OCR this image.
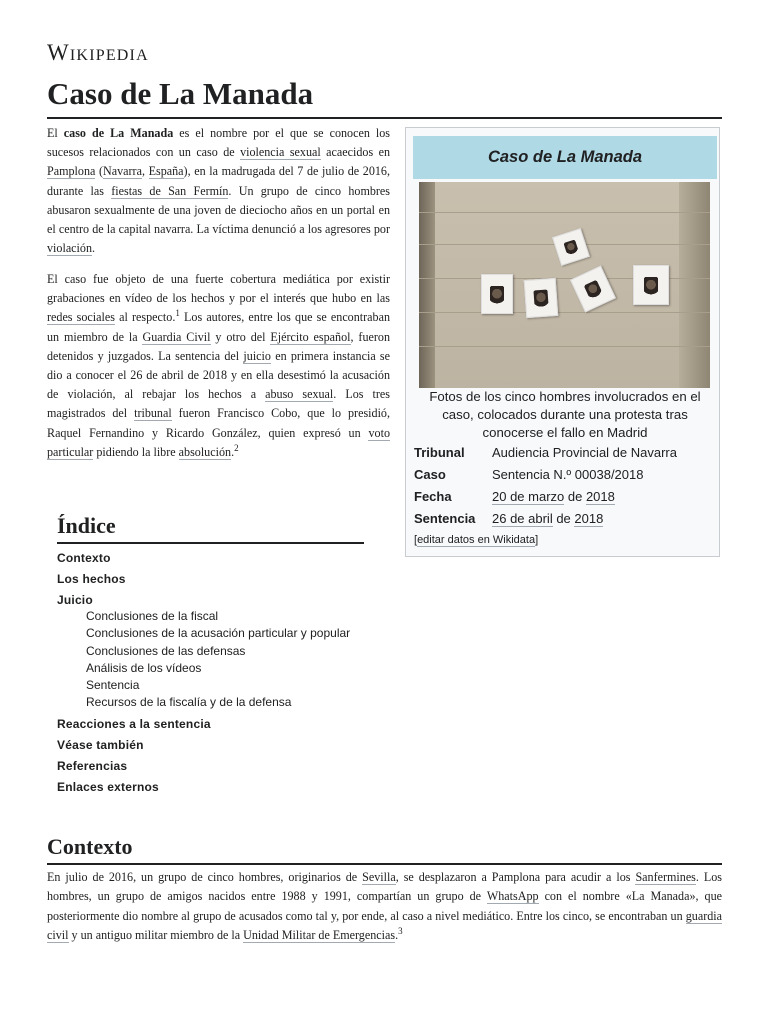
Wikipedia
Caso de La Manada

El caso de La Manada es el nombre por el que se conocen los sucesos relacionados con un caso de violencia sexual acaecidos en Pamplona (Navarra, España), en la madrugada del 7 de julio de 2016, durante las fiestas de San Fermín. Un grupo de cinco hombres abusaron sexualmente de una joven de dieciocho años en un portal en el centro de la capital navarra. La víctima denunció a los agresores por violación.

El caso fue objeto de una fuerte cobertura mediática por existir grabaciones en vídeo de los hechos y por el interés que hubo en las redes sociales al respecto.$^1$ Los autores, entre los que se encontraban un miembro de la Guardia Civil y otro del Ejército español, fueron detenidos y juzgados. La sentencia del juicio en primera instancia se dio a conocer el 26 de abril de 2018 y en ella desestimó la acusación de violación, al rebajar los hechos a abuso sexual. Los tres magistrados del tribunal fueron Francisco Cobo, que lo presidió, Raquel Fernandino y Ricardo González, quien expresó un voto particular pidiendo la libre absolución.$^2$

Caso de La Manada
Fotos de los cinco hombres involucrados en el caso, colocados durante una protesta tras conocerse el fallo en Madrid
Tribunal Audiencia Provincial de Navarra
Caso	Sentencia N.º 00038/2018
Fecha	20 de marzo de 2018
Sentencia 26 de abril de 2018
[editar datos en Wikidata]
Índice
Contexto
Los hechos
Juicio
Conclusiones de la fiscal
Conclusiones de la acusación particular y popular
Conclusiones de las defensas
Análisis de los vídeos
Sentencia
Recursos de la fiscalía y de la defensa
Reacciones a la sentencia
Véase también
Referencias
Enlaces externos
Contexto

En julio de 2016, un grupo de cinco hombres, originarios de Sevilla, se desplazaron a Pamplona para acudir a los Sanfermines. Los hombres, un grupo de amigos nacidos entre 1988 y 1991, compartían un grupo de WhatsApp con el nombre «La Manada», que posteriormente dio nombre al grupo de acusados como tal y, por ende, al caso a nivel mediático. Entre los cinco, se encontraban un guardia civil y un antiguo militar miembro de la Unidad Militar de Emergencias.$^3$
